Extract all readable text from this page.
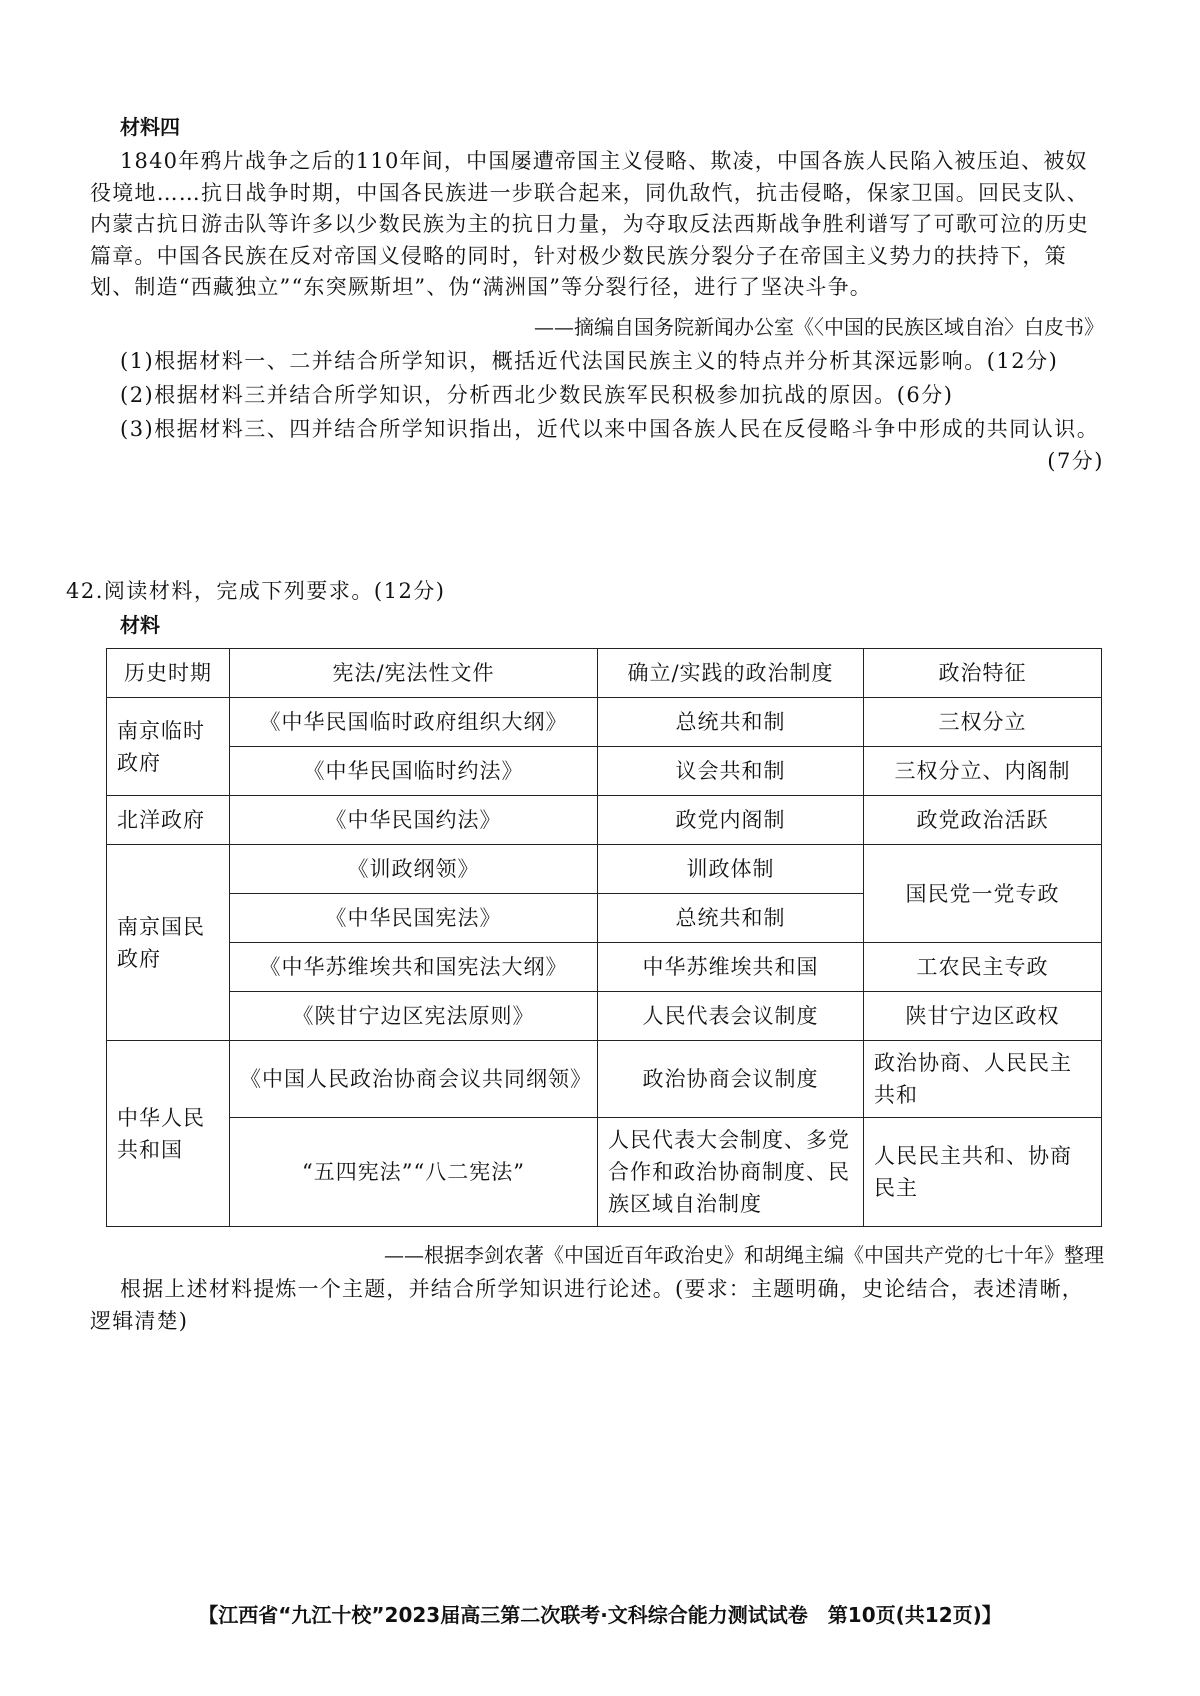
材料四
1840年鸦片战争之后的110年间，中国屡遭帝国主义侵略、欺凌，中国各族人民陷入被压迫、被奴役境地……抗日战争时期，中国各民族进一步联合起来，同仇敌忾，抗击侵略，保家卫国。回民支队、内蒙古抗日游击队等许多以少数民族为主的抗日力量，为夺取反法西斯战争胜利谱写了可歌可泣的历史篇章。中国各民族在反对帝国义侵略的同时，针对极少数民族分裂分子在帝国主义势力的扶持下，策划、制造“西藏独立”“东突厥斯坦”、伪“满洲国”等分裂行径，进行了坚决斗争。
——摘编自国务院新闻办公室《〈中国的民族区域自治〉白皮书》
(1)根据材料一、二并结合所学知识，概括近代法国民族主义的特点并分析其深远影响。(12分)
(2)根据材料三并结合所学知识，分析西北少数民族军民积极参加抗战的原因。(6分)
(3)根据材料三、四并结合所学知识指出，近代以来中国各族人民在反侵略斗争中形成的共同认识。
(7分)
42.阅读材料，完成下列要求。(12分)
材料
历史时期	宪法/宪法性文件	确立/实践的政治制度	政治特征
南京临时政府	《中华民国临时政府组织大纲》	总统共和制	三权分立
	《中华民国临时约法》	议会共和制	三权分立、内阁制
北洋政府	《中华民国约法》	政党内阁制	政党政治活跃
南京国民政府	《训政纲领》	训政体制	国民党一党专政
	《中华民国宪法》	总统共和制	
	《中华苏维埃共和国宪法大纲》	中华苏维埃共和国	工农民主专政
	《陕甘宁边区宪法原则》	人民代表会议制度	陕甘宁边区政权
中华人民共和国	《中国人民政治协商会议共同纲领》	政治协商会议制度	政治协商、人民民主共和
	“五四宪法”“八二宪法”	人民代表大会制度、多党合作和政治协商制度、民族区域自治制度	人民民主共和、协商民主
——根据李剑农著《中国近百年政治史》和胡绳主编《中国共产党的七十年》整理
根据上述材料提炼一个主题，并结合所学知识进行论述。(要求：主题明确，史论结合，表述清晰，逻辑清楚)
【江西省“九江十校”2023届高三第二次联考·文科综合能力测试试卷　第10页(共12页)】
